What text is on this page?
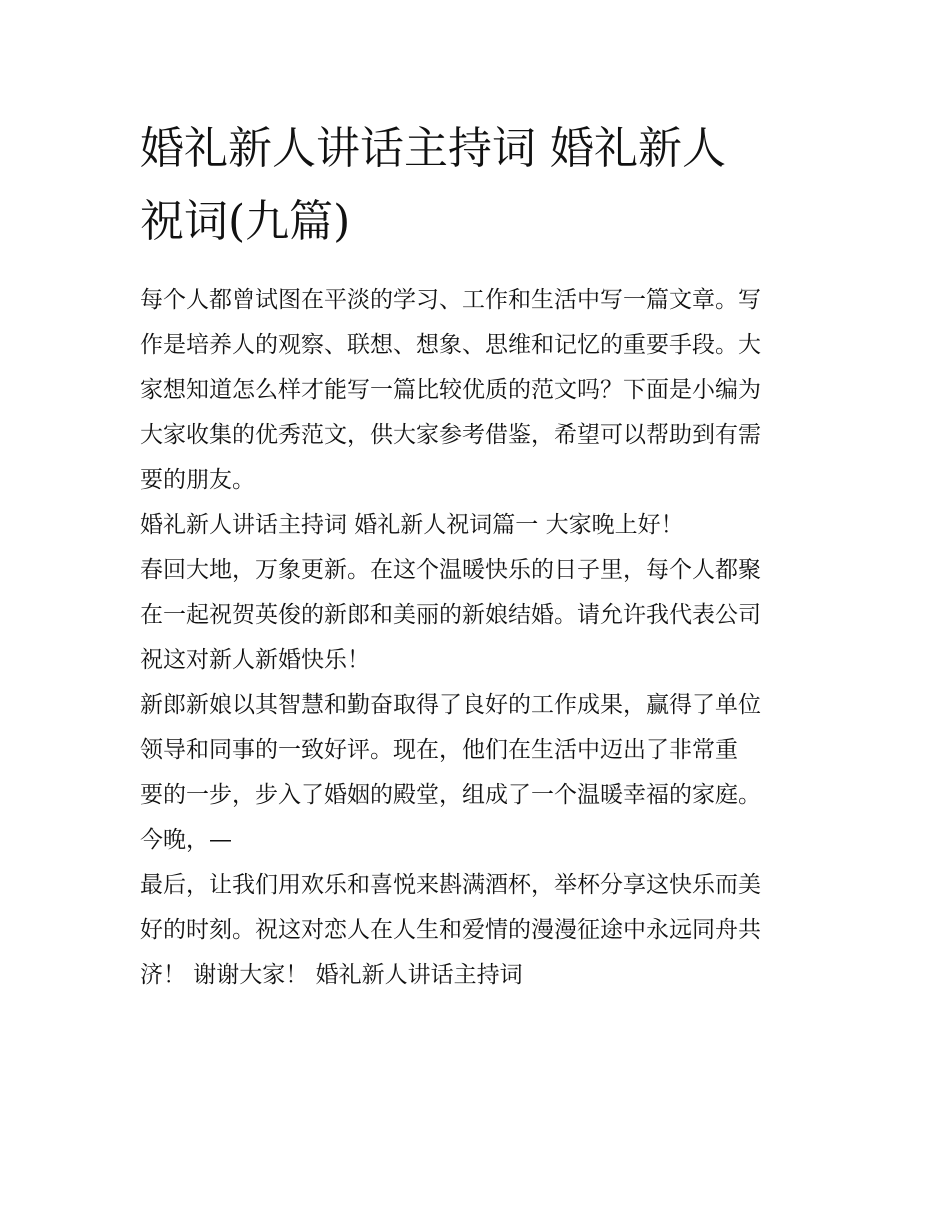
婚礼新人讲话主持词 婚礼新人
祝词(九篇)
每个人都曾试图在平淡的学习、工作和生活中写一篇文章。写
作是培养人的观察、联想、想象、思维和记忆的重要手段。大
家想知道怎么样才能写一篇比较优质的范文吗？下面是小编为
大家收集的优秀范文，供大家参考借鉴，希望可以帮助到有需
要的朋友。
婚礼新人讲话主持词 婚礼新人祝词篇一 大家晚上好！
春回大地，万象更新。在这个温暖快乐的日子里，每个人都聚
在一起祝贺英俊的新郎和美丽的新娘结婚。请允许我代表公司
祝这对新人新婚快乐！
新郎新娘以其智慧和勤奋取得了良好的工作成果，赢得了单位
领导和同事的一致好评。现在，他们在生活中迈出了非常重
要的一步，步入了婚姻的殿堂，组成了一个温暖幸福的家庭。
今晚，—
最后，让我们用欢乐和喜悦来斟满酒杯，举杯分享这快乐而美
好的时刻。祝这对恋人在人生和爱情的漫漫征途中永远同舟共
济！ 谢谢大家！ 婚礼新人讲话主持词
